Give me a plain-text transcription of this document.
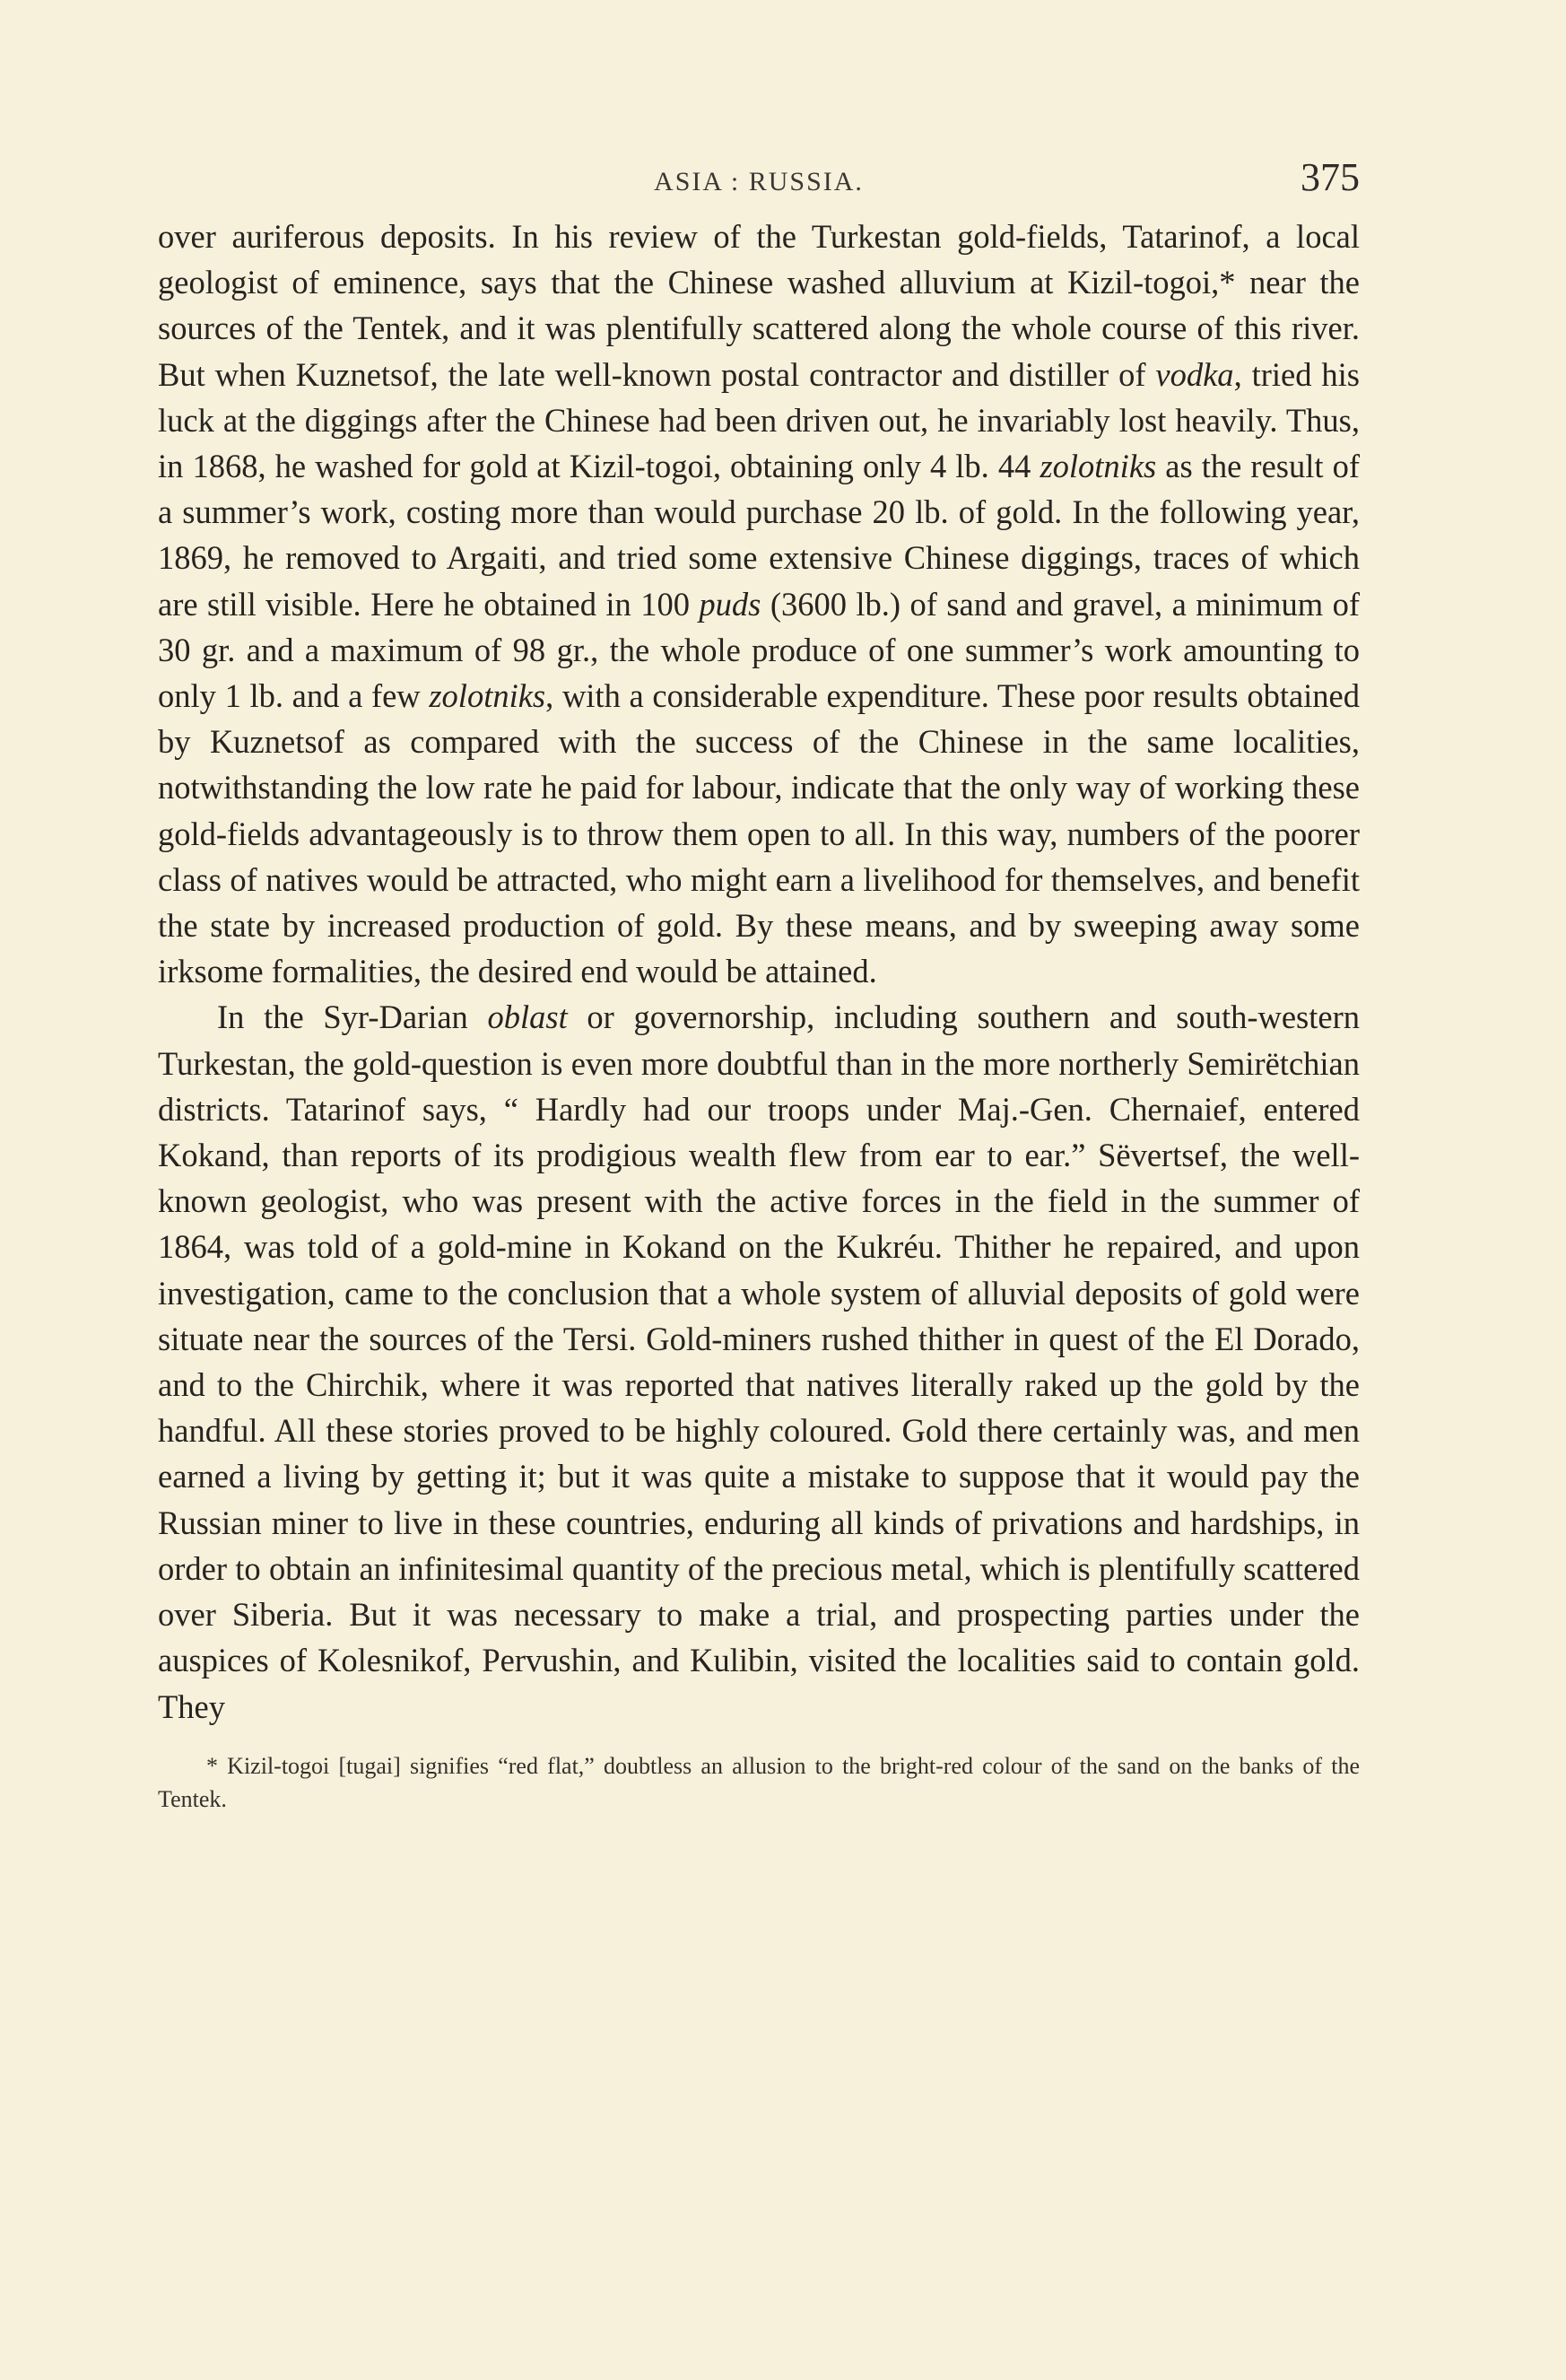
ASIA : RUSSIA.	375

over auriferous deposits. In his review of the Turkestan gold-fields, Tatarinof, a local geologist of eminence, says that the Chinese washed alluvium at Kizil-togoi,* near the sources of the Tentek, and it was plentifully scattered along the whole course of this river. But when Kuznetsof, the late well-known postal contractor and distiller of vodka, tried his luck at the diggings after the Chinese had been driven out, he invariably lost heavily. Thus, in 1868, he washed for gold at Kizil-togoi, obtaining only 4 lb. 44 zolotniks as the result of a summer’s work, costing more than would purchase 20 lb. of gold. In the following year, 1869, he removed to Argaiti, and tried some extensive Chinese diggings, traces of which are still visible. Here he obtained in 100 puds (3600 lb.) of sand and gravel, a minimum of 30 gr. and a maximum of 98 gr., the whole produce of one summer’s work amounting to only 1 lb. and a few zolotniks, with a considerable expenditure. These poor results obtained by Kuznetsof as compared with the success of the Chinese in the same localities, notwithstanding the low rate he paid for labour, indicate that the only way of working these gold-fields advantageously is to throw them open to all. In this way, numbers of the poorer class of natives would be attracted, who might earn a livelihood for themselves, and benefit the state by increased production of gold. By these means, and by sweeping away some irksome formalities, the desired end would be attained.

In the Syr-Darian oblast or governorship, including southern and south-western Turkestan, the gold-question is even more doubtful than in the more northerly Semirëtchian districts. Tatarinof says, “ Hardly had our troops under Maj.-Gen. Chernaief, entered Kokand, than reports of its prodigious wealth flew from ear to ear.” Sëvertsef, the well-known geologist, who was present with the active forces in the field in the summer of 1864, was told of a gold-mine in Kokand on the Kukréu. Thither he repaired, and upon investigation, came to the conclusion that a whole system of alluvial deposits of gold were situate near the sources of the Tersi. Gold-miners rushed thither in quest of the El Dorado, and to the Chirchik, where it was reported that natives literally raked up the gold by the handful. All these stories proved to be highly coloured. Gold there certainly was, and men earned a living by getting it; but it was quite a mistake to suppose that it would pay the Russian miner to live in these countries, enduring all kinds of privations and hardships, in order to obtain an infinitesimal quantity of the precious metal, which is plentifully scattered over Siberia. But it was necessary to make a trial, and prospecting parties under the auspices of Kolesnikof, Pervushin, and Kulibin, visited the localities said to contain gold. They

* Kizil-togoi [tugai] signifies “red flat,” doubtless an allusion to the bright-red colour of the sand on the banks of the Tentek.
